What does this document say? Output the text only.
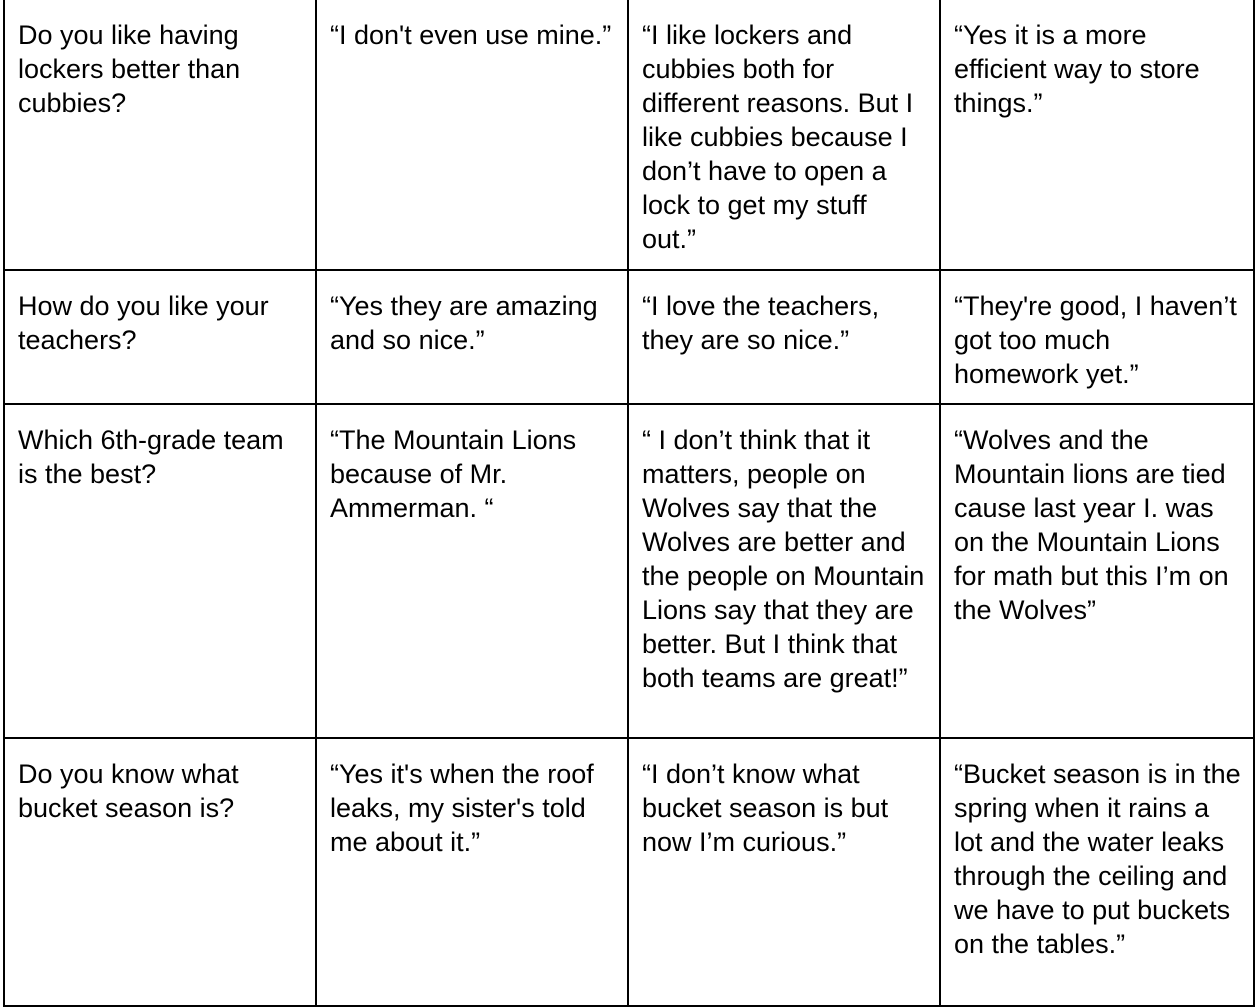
Do you like having lockers better than cubbies?	“I don't even use mine.”	“I like lockers and cubbies both for different reasons. But I like cubbies because I don’t have to open a lock to get my stuff out.”	“Yes it is a more efficient way to store things.”
How do you like your teachers?	“Yes they are amazing and so nice.”	“I love the teachers, they are so nice.”	“They're good, I haven’t got too much homework yet.”
Which 6th-grade team is the best?	“The Mountain Lions because of Mr. Ammerman. “	“ I don’t think that it matters, people on Wolves say that the Wolves are better and the people on Mountain Lions say that they are better. But I think that both teams are great!”	“Wolves and the Mountain lions are tied cause last year I. was on the Mountain Lions for math but this I’m on the Wolves”
Do you know what bucket season is?	“Yes it's when the roof leaks, my sister's told me about it.”	“I don’t know what bucket season is but now I’m curious.”	“Bucket season is in the spring when it rains a lot and the water leaks through the ceiling and we have to put buckets on the tables.”
